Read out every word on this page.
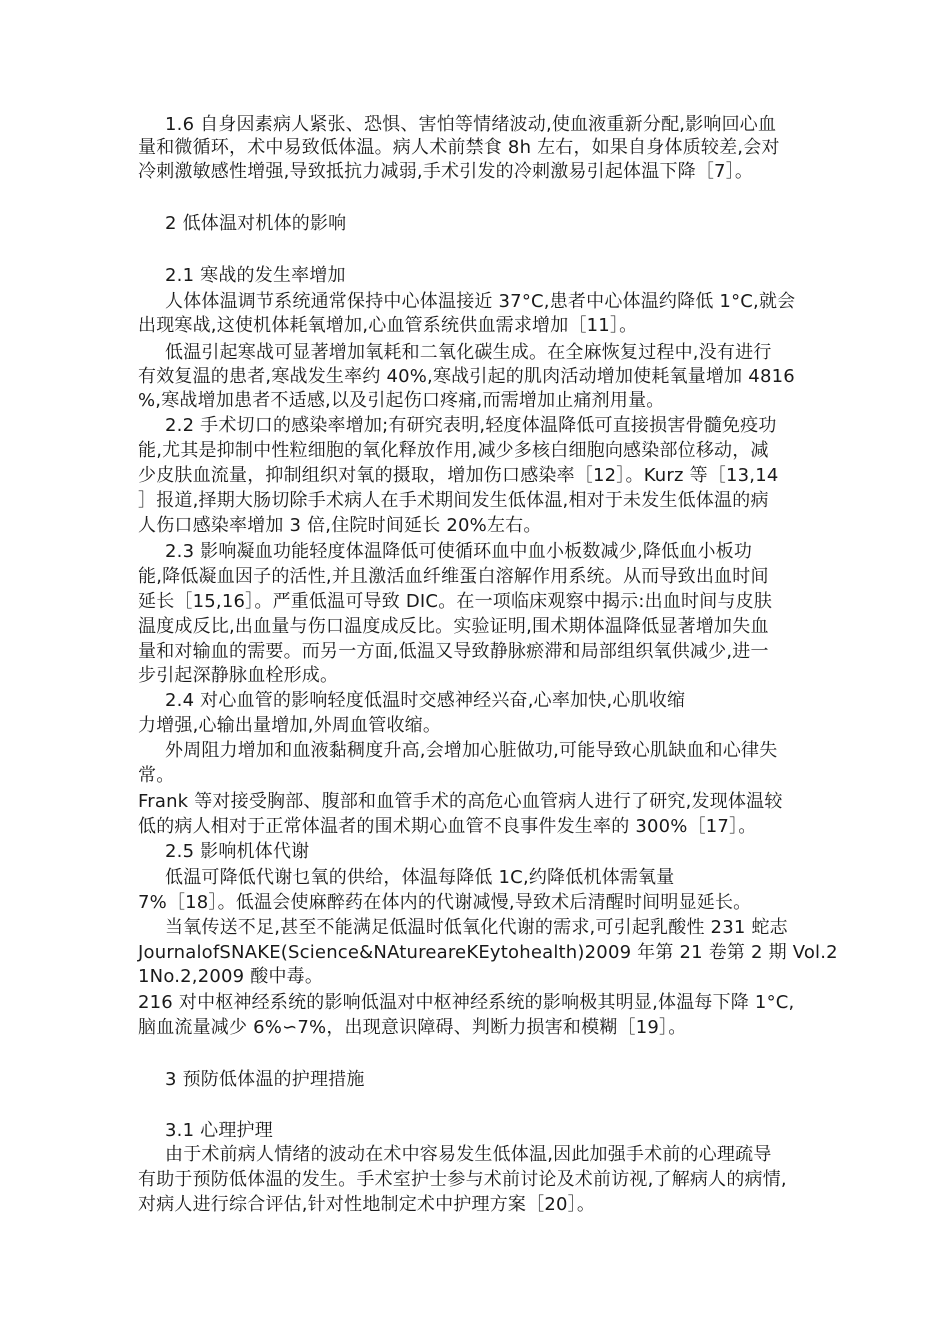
1.6 自身因素病人紧张、恐惧、害怕等情绪波动,使血液重新分配,影响回心血
量和微循环，术中易致低体温。病人术前禁食 8h 左右，如果自身体质较差,会对
冷刺激敏感性增强,导致抵抗力减弱,手术引发的冷刺激易引起体温下降［7］。
2 低体温对机体的影响
2.1 寒战的发生率增加
人体体温调节系统通常保持中心体温接近 37°C,患者中心体温约降低 1°C,就会
出现寒战,这使机体耗氧增加,心血管系统供血需求增加［11］。
低温引起寒战可显著增加氧耗和二氧化碳生成。在全麻恢复过程中,没有进行
有效复温的患者,寒战发生率约 40%,寒战引起的肌肉活动增加使耗氧量增加 4816
%,寒战增加患者不适感,以及引起伤口疼痛,而需增加止痛剂用量。
2.2 手术切口的感染率增加;有研究表明,轻度体温降低可直接损害骨髓免疫功
能,尤其是抑制中性粒细胞的氧化释放作用,减少多核白细胞向感染部位移动，减
少皮肤血流量，抑制组织对氧的摄取，增加伤口感染率［12］。Kurz 等［13,14
］报道,择期大肠切除手术病人在手术期间发生低体温,相对于未发生低体温的病
人伤口感染率增加 3 倍,住院时间延长 20%左右。
2.3 影响凝血功能轻度体温降低可使循环血中血小板数减少,降低血小板功
能,降低凝血因子的活性,并且激活血纤维蛋白溶解作用系统。从而导致出血时间
延长［15,16］。严重低温可导致 DIC。在一项临床观察中揭示:出血时间与皮肤
温度成反比,出血量与伤口温度成反比。实验证明,围术期体温降低显著增加失血
量和对输血的需要。而另一方面,低温又导致静脉瘀滞和局部组织氧供减少,进一
步引起深静脉血栓形成。
2.4 对心血管的影响轻度低温时交感神经兴奋,心率加快,心肌收缩
力增强,心输出量增加,外周血管收缩。
外周阻力增加和血液黏稠度升高,会增加心脏做功,可能导致心肌缺血和心律失
常。
Frank 等对接受胸部、腹部和血管手术的高危心血管病人进行了研究,发现体温较
低的病人相对于正常体温者的围术期心血管不良事件发生率的 300%［17］。
2.5 影响机体代谢
低温可降低代谢乜氧的供给，体温每降低 1C,约降低机体需氧量
7%［18］。低温会使麻醉药在体内的代谢减慢,导致术后清醒时间明显延长。
当氧传送不足,甚至不能满足低温时低氧化代谢的需求,可引起乳酸性 231 蛇志
JournalofSNAKE(Science&NAtureareKEytohealth)2009 年第 21 卷第 2 期 Vol.2
1No.2,2009 酸中毒。
216 对中枢神经系统的影响低温对中枢神经系统的影响极其明显,体温每下降 1°C,
脑血流量减少 6%∽7%，出现意识障碍、判断力损害和模糊［19］。
3 预防低体温的护理措施
3.1 心理护理
由于术前病人情绪的波动在术中容易发生低体温,因此加强手术前的心理疏导
有助于预防低体温的发生。手术室护士参与术前讨论及术前访视,了解病人的病情,
对病人进行综合评估,针对性地制定术中护理方案［20］。
